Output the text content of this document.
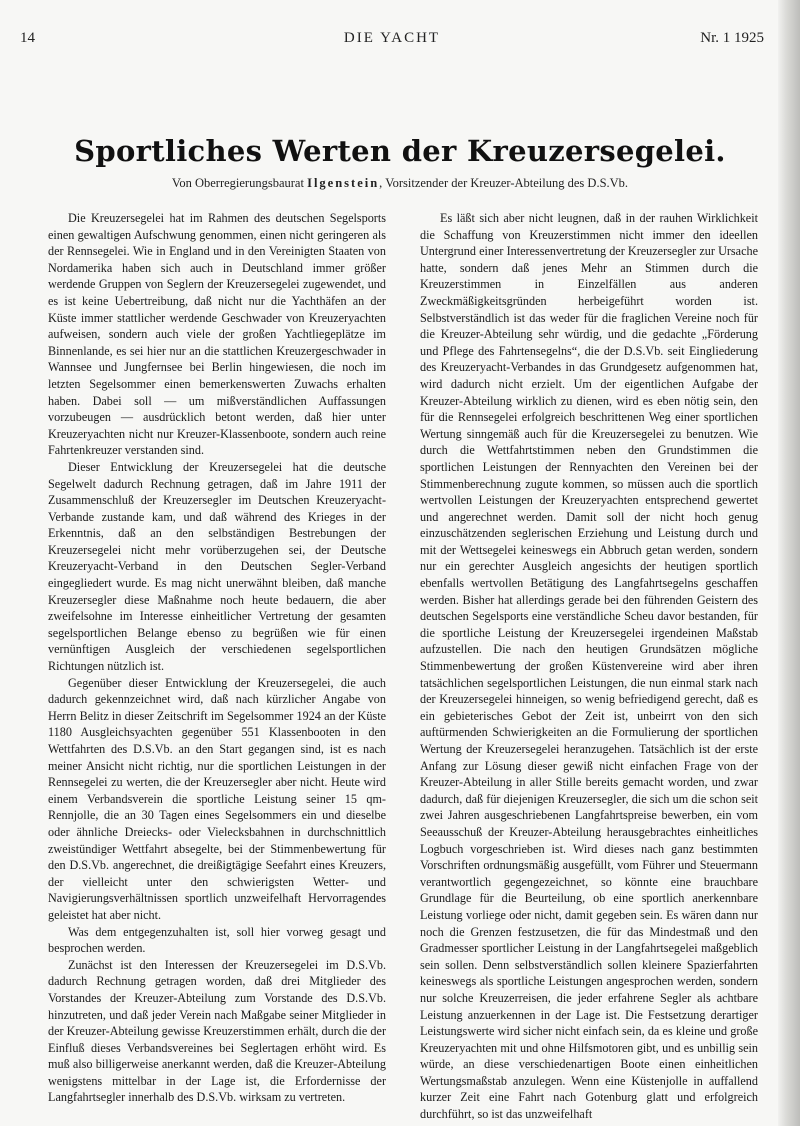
14	DIE YACHT	Nr. 1 1925
Sportliches Werten der Kreuzersegelei.
Von Oberregierungsbaurat Ilgenstein, Vorsitzender der Kreuzer-Abteilung des D.S.Vb.

Die Kreuzersegelei hat im Rahmen des deutschen Segelsports einen gewaltigen Aufschwung genommen, einen nicht geringeren als der Rennsegelei. Wie in England und in den Vereinigten Staaten von Nordamerika haben sich auch in Deutschland immer größer werdende Gruppen von Seglern der Kreuzersegelei zugewendet, und es ist keine Uebertreibung, daß nicht nur die Yachthäfen an der Küste immer stattlicher werdende Geschwader von Kreuzeryachten aufweisen, sondern auch viele der großen Yachtliegeplätze im Binnenlande, es sei hier nur an die stattlichen Kreuzergeschwader in Wannsee und Jungfernsee bei Berlin hingewiesen, die noch im letzten Segelsommer einen bemerkenswerten Zuwachs erhalten haben. Dabei soll — um mißverständlichen Auffassungen vorzubeugen — ausdrücklich betont werden, daß hier unter Kreuzeryachten nicht nur Kreuzer-Klassenboote, sondern auch reine Fahrtenkreuzer verstanden sind.

Dieser Entwicklung der Kreuzersegelei hat die deutsche Segelwelt dadurch Rechnung getragen, daß im Jahre 1911 der Zusammenschluß der Kreuzersegler im Deutschen Kreuzeryacht-Verbande zustande kam, und daß während des Krieges in der Erkenntnis, daß an den selbständigen Bestrebungen der Kreuzersegelei nicht mehr vorüberzugehen sei, der Deutsche Kreuzeryacht-Verband in den Deutschen Segler-Verband eingegliedert wurde. Es mag nicht unerwähnt bleiben, daß manche Kreuzersegler diese Maßnahme noch heute bedauern, die aber zweifelsohne im Interesse einheitlicher Vertretung der gesamten segelsportlichen Belange ebenso zu begrüßen wie für einen vernünftigen Ausgleich der verschiedenen segelsportlichen Richtungen nützlich ist.

Gegenüber dieser Entwicklung der Kreuzersegelei, die auch dadurch gekennzeichnet wird, daß nach kürzlicher Angabe von Herrn Belitz in dieser Zeitschrift im Segelsommer 1924 an der Küste 1180 Ausgleichsyachten gegenüber 551 Klassenbooten in den Wettfahrten des D.S.Vb. an den Start gegangen sind, ist es nach meiner Ansicht nicht richtig, nur die sportlichen Leistungen in der Rennsegelei zu werten, die der Kreuzersegler aber nicht. Heute wird einem Verbandsverein die sportliche Leistung seiner 15 qm-Rennjolle, die an 30 Tagen eines Segelsommers ein und dieselbe oder ähnliche Dreiecks- oder Vielecksbahnen in durchschnittlich zweistündiger Wettfahrt absegelte, bei der Stimmenbewertung für den D.S.Vb. angerechnet, die dreißigtägige Seefahrt eines Kreuzers, der vielleicht unter den schwierigsten Wetter- und Navigierungsverhältnissen sportlich unzweifelhaft Hervorragendes geleistet hat aber nicht.

Was dem entgegenzuhalten ist, soll hier vorweg gesagt und besprochen werden.

Zunächst ist den Interessen der Kreuzersegelei im D.S.Vb. dadurch Rechnung getragen worden, daß drei Mitglieder des Vorstandes der Kreuzer-Abteilung zum Vorstande des D.S.Vb. hinzutreten, und daß jeder Verein nach Maßgabe seiner Mitglieder in der Kreuzer-Abteilung gewisse Kreuzerstimmen erhält, durch die der Einfluß dieses Verbandsvereines bei Seglertagen erhöht wird. Es muß also billigerweise anerkannt werden, daß die Kreuzer-Abteilung wenigstens mittelbar in der Lage ist, die Erfordernisse der Langfahrtsegler innerhalb des D.S.Vb. wirksam zu vertreten.

Es läßt sich aber nicht leugnen, daß in der rauhen Wirklichkeit die Schaffung von Kreuzerstimmen nicht immer den ideellen Untergrund einer Interessenvertretung der Kreuzersegler zur Ursache hatte, sondern daß jenes Mehr an Stimmen durch die Kreuzerstimmen in Einzelfällen aus anderen Zweckmäßigkeitsgründen herbeigeführt worden ist. Selbstverständlich ist das weder für die fraglichen Vereine noch für die Kreuzer-Abteilung sehr würdig, und die gedachte „Förderung und Pflege des Fahrtensegelns“, die der D.S.Vb. seit Eingliederung des Kreuzeryacht-Verbandes in das Grundgesetz aufgenommen hat, wird dadurch nicht erzielt. Um der eigentlichen Aufgabe der Kreuzer-Abteilung wirklich zu dienen, wird es eben nötig sein, den für die Rennsegelei erfolgreich beschrittenen Weg einer sportlichen Wertung sinngemäß auch für die Kreuzersegelei zu benutzen. Wie durch die Wettfahrtstimmen neben den Grundstimmen die sportlichen Leistungen der Rennyachten den Vereinen bei der Stimmenberechnung zugute kommen, so müssen auch die sportlich wertvollen Leistungen der Kreuzeryachten entsprechend gewertet und angerechnet werden. Damit soll der nicht hoch genug einzuschätzenden seglerischen Erziehung und Leistung durch und mit der Wettsegelei keineswegs ein Abbruch getan werden, sondern nur ein gerechter Ausgleich angesichts der heutigen sportlich ebenfalls wertvollen Betätigung des Langfahrtsegelns geschaffen werden. Bisher hat allerdings gerade bei den führenden Geistern des deutschen Segelsports eine verständliche Scheu davor bestanden, für die sportliche Leistung der Kreuzersegelei irgendeinen Maßstab aufzustellen. Die nach den heutigen Grundsätzen mögliche Stimmenbewertung der großen Küstenvereine wird aber ihren tatsächlichen segelsportlichen Leistungen, die nun einmal stark nach der Kreuzersegelei hinneigen, so wenig befriedigend gerecht, daß es ein gebieterisches Gebot der Zeit ist, unbeirrt von den sich auftürmenden Schwierigkeiten an die Formulierung der sportlichen Wertung der Kreuzersegelei heranzugehen. Tatsächlich ist der erste Anfang zur Lösung dieser gewiß nicht einfachen Frage von der Kreuzer-Abteilung in aller Stille bereits gemacht worden, und zwar dadurch, daß für diejenigen Kreuzersegler, die sich um die schon seit zwei Jahren ausgeschriebenen Langfahrtspreise bewerben, ein vom Seeausschuß der Kreuzer-Abteilung herausgebrachtes einheitliches Logbuch vorgeschrieben ist. Wird dieses nach ganz bestimmten Vorschriften ordnungsmäßig ausgefüllt, vom Führer und Steuermann verantwortlich gegengezeichnet, so könnte eine brauchbare Grundlage für die Beurteilung, ob eine sportlich anerkennbare Leistung vorliege oder nicht, damit gegeben sein. Es wären dann nur noch die Grenzen festzusetzen, die für das Mindestmaß und den Gradmesser sportlicher Leistung in der Langfahrtsegelei maßgeblich sein sollen. Denn selbstverständlich sollen kleinere Spazierfahrten keineswegs als sportliche Leistungen angesprochen werden, sondern nur solche Kreuzerreisen, die jeder erfahrene Segler als achtbare Leistung anzuerkennen in der Lage ist. Die Festsetzung derartiger Leistungswerte wird sicher nicht einfach sein, da es kleine und große Kreuzeryachten mit und ohne Hilfsmotoren gibt, und es unbillig sein würde, an diese verschiedenartigen Boote einen einheitlichen Wertungsmaßstab anzulegen. Wenn eine Küstenjolle in auffallend kurzer Zeit eine Fahrt nach Gotenburg glatt und erfolgreich durchführt, so ist das unzweifelhaft
